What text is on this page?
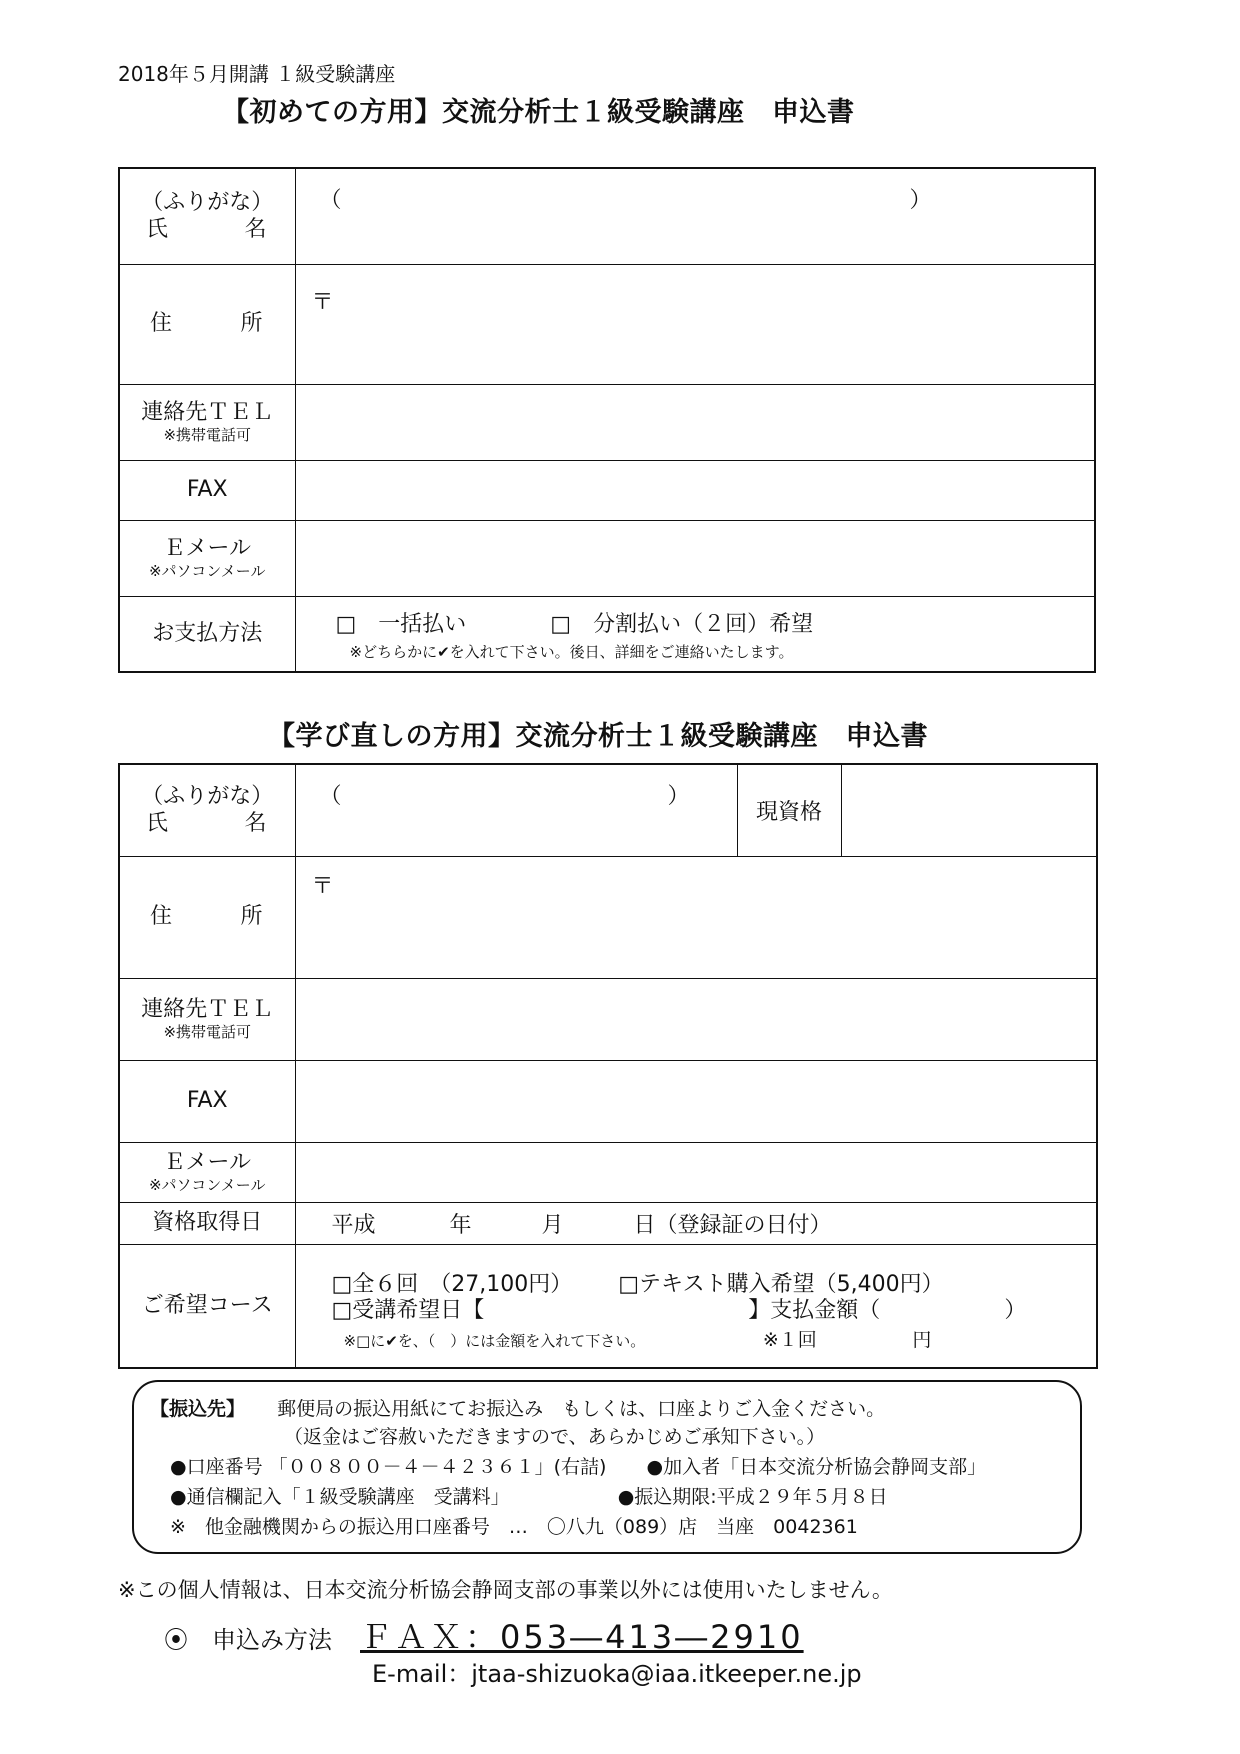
2018年５月開講 １級受験講座
【初めての方用】交流分析士１級受験講座　申込書
（ふりがな）
氏 名	（ ）

住 所	〒

連絡先ＴＥＬ
※携帯電話可	

FAX	
Ｅメール
※パソコンメール	

お支払方法	□　一括払い □　分割払い（２回）希望
※どちらかに✔を入れて下さい。後日、詳細をご連絡いたします。
【学び直しの方用】交流分析士１級受験講座　申込書
（ふりがな）
氏 名	（ ）	現資格	

住 所	〒		

連絡先ＴＥＬ
※携帯電話可			

FAX			
Ｅメール
※パソコンメール			

資格取得日	平成 年 月 日（登録証の日付）		

ご希望コース	□全６回　（27,100円） □テキスト購入希望（5,400円）
□受講希望日【 】支払金額（ ）
※□に✔を、（　）には金額を入れて下さい。 ※１回 円		
【振込先】 郵便局の振込用紙にてお振込み　もしくは、口座よりご入金ください。
（返金はご容赦いただきますので、あらかじめご承知下さい。）
●口座番号 「００８００－４－４２３６１」(右詰) ●加入者「日本交流分析協会静岡支部」
●通信欄記入「１級受験講座　受講料」	●振込期限:平成２９年５月８日
※　他金融機関からの振込用口座番号　…　〇八九（089）店　当座　0042361
※この個人情報は、日本交流分析協会静岡支部の事業以外には使用いたしません。
⦿　申込み方法 ＦＡＸ：053―413―2910
E-mail：jtaa-shizuoka@iaa.itkeeper.ne.jp
